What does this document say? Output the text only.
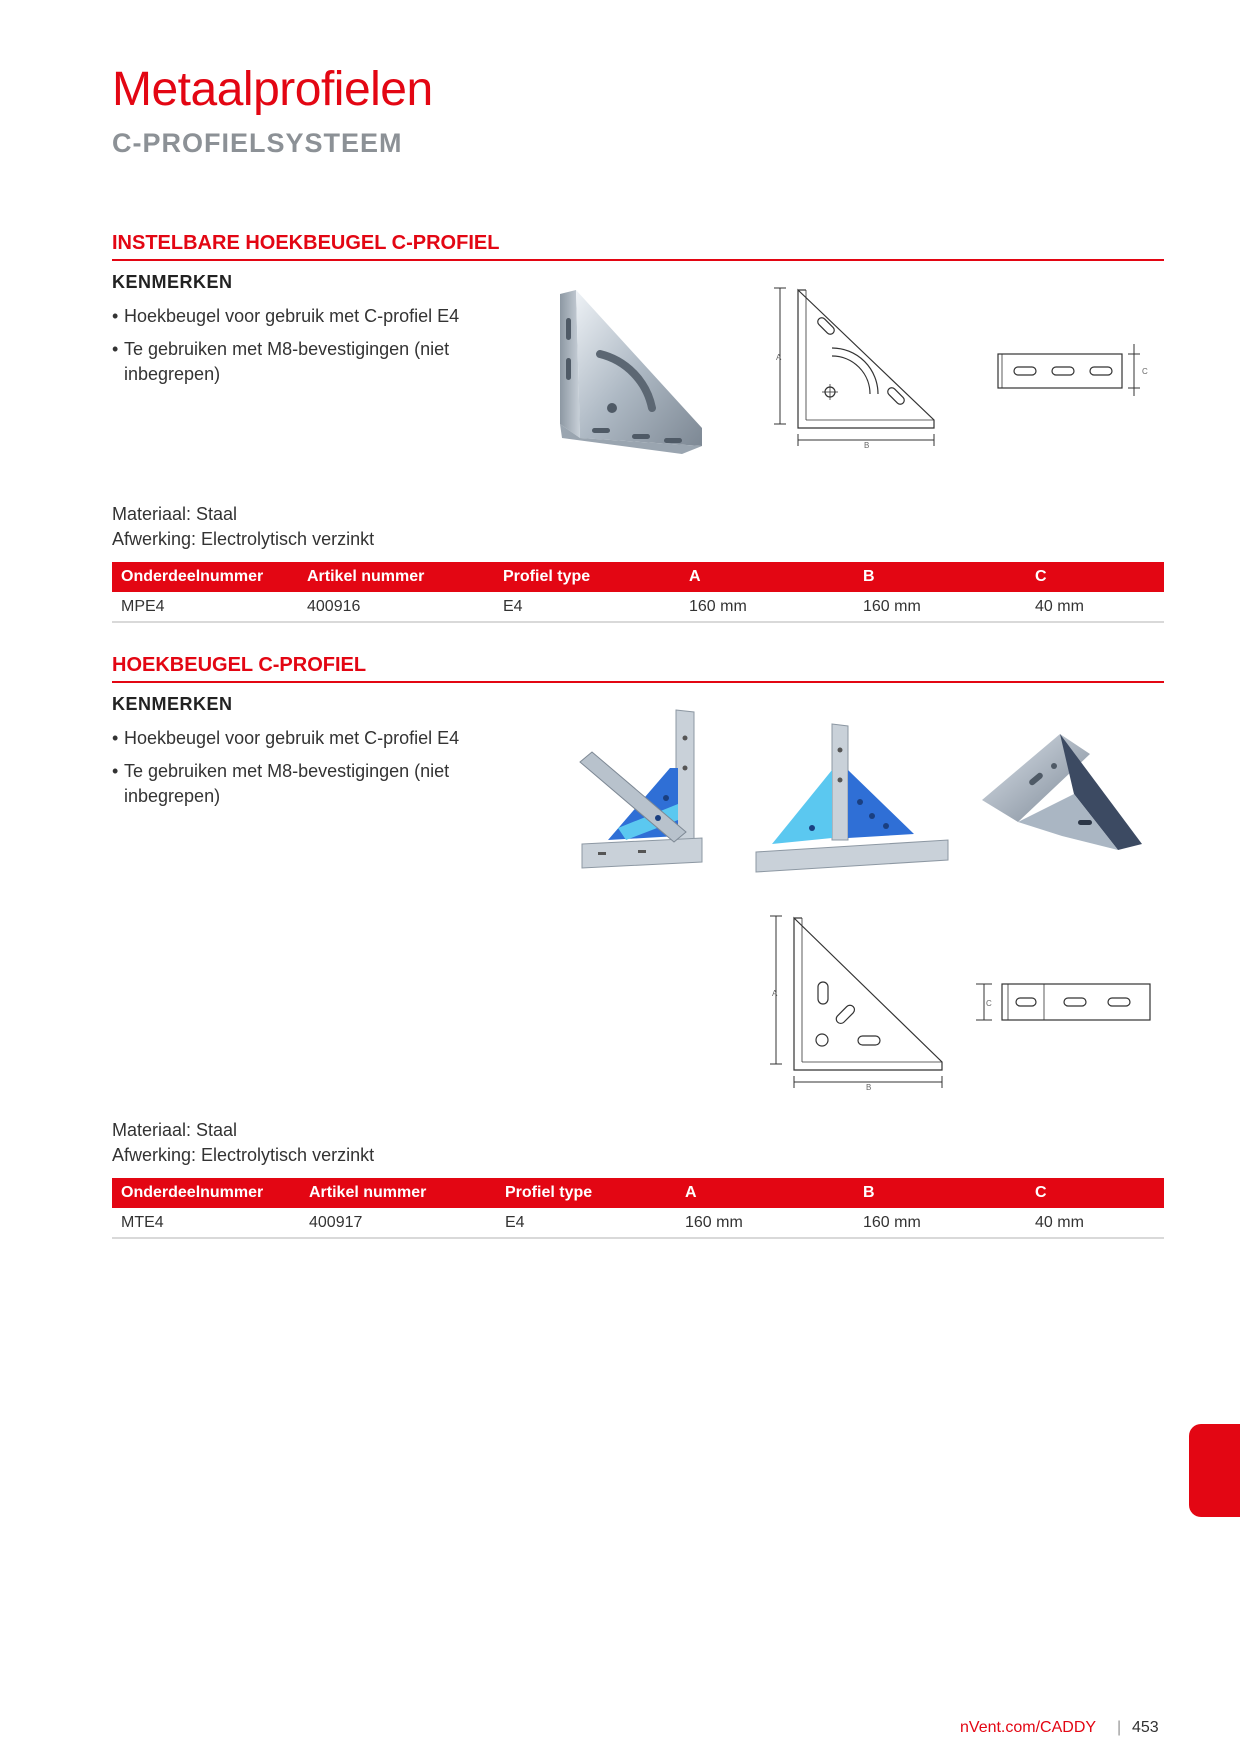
Metaalprofielen
C-PROFIELSYSTEEM
INSTELBARE HOEKBEUGEL C-PROFIEL
KENMERKEN
• Hoekbeugel voor gebruik met C-profiel E4
• Te gebruiken met M8-bevestigingen (niet inbegrepen)
A
B
C
Materiaal: Staal
Afwerking: Electrolytisch verzinkt
Onderdeelnummer	Artikel nummer	Profiel type	A	B	C
MPE4	400916	E4	160 mm	160 mm	40 mm
HOEKBEUGEL C-PROFIEL
KENMERKEN
• Hoekbeugel voor gebruik met C-profiel E4
• Te gebruiken met M8-bevestigingen (niet inbegrepen)
A
B
C
Materiaal: Staal
Afwerking: Electrolytisch verzinkt
Onderdeelnummer	Artikel nummer	Profiel type	A	B	C
MTE4	400917	E4	160 mm	160 mm	40 mm
nVent.com/CADDY | 453
